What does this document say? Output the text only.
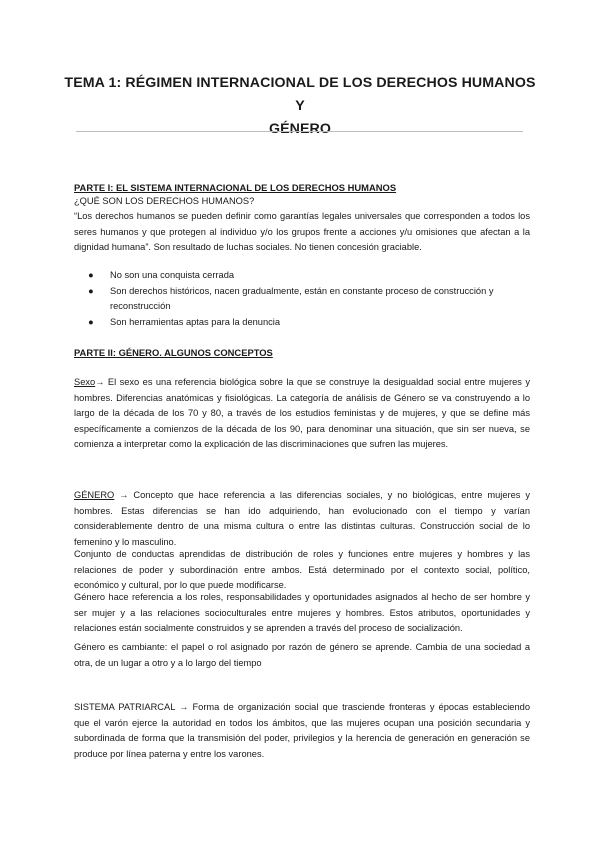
TEMA 1: RÉGIMEN INTERNACIONAL DE LOS DERECHOS HUMANOS Y
GÉNERO
PARTE I: EL SISTEMA INTERNACIONAL DE LOS DERECHOS HUMANOS
¿QUÉ SON LOS DERECHOS HUMANOS?

“Los derechos humanos se pueden definir como garantías legales universales que corresponden a todos los seres humanos y que protegen al individuo y/o los grupos frente a acciones y/u omisiones que afectan a la dignidad humana”. Son resultado de luchas sociales. No tienen concesión graciable.

● No son una conquista cerrada
● Son derechos históricos, nacen gradualmente, están en constante proceso de construcción y reconstrucción
● Son herramientas aptas para la denuncia
PARTE II: GÉNERO. ALGUNOS CONCEPTOS

Sexo→ El sexo es una referencia biológica sobre la que se construye la desigualdad social entre mujeres y hombres. Diferencias anatómicas y fisiológicas. La categoría de análisis de Género se va construyendo a lo largo de la década de los 70 y 80, a través de los estudios feministas y de mujeres, y que se define más específicamente a comienzos de la década de los 90, para denominar una situación, que sin ser nueva, se comienza a interpretar como la explicación de las discriminaciones que sufren las mujeres.

GÉNERO → Concepto que hace referencia a las diferencias sociales, y no biológicas, entre mujeres y hombres. Estas diferencias se han ido adquiriendo, han evolucionado con el tiempo y varían considerablemente dentro de una misma cultura o entre las distintas culturas. Construcción social de lo femenino y lo masculino.

Conjunto de conductas aprendidas de distribución de roles y funciones entre mujeres y hombres y las relaciones de poder y subordinación entre ambos. Está determinado por el contexto social, político, económico y cultural, por lo que puede modificarse.

Género hace referencia a los roles, responsabilidades y oportunidades asignados al hecho de ser hombre y ser mujer y a las relaciones socioculturales entre mujeres y hombres. Estos atributos, oportunidades y relaciones están socialmente construidos y se aprenden a través del proceso de socialización.

Género es cambiante: el papel o rol asignado por razón de género se aprende. Cambia de una sociedad a otra, de un lugar a otro y a lo largo del tiempo

SISTEMA PATRIARCAL → Forma de organización social que trasciende fronteras y épocas estableciendo que el varón ejerce la autoridad en todos los ámbitos, que las mujeres ocupan una posición secundaria y subordinada de forma que la transmisión del poder, privilegios y la herencia de generación en generación se produce por línea paterna y entre los varones.
